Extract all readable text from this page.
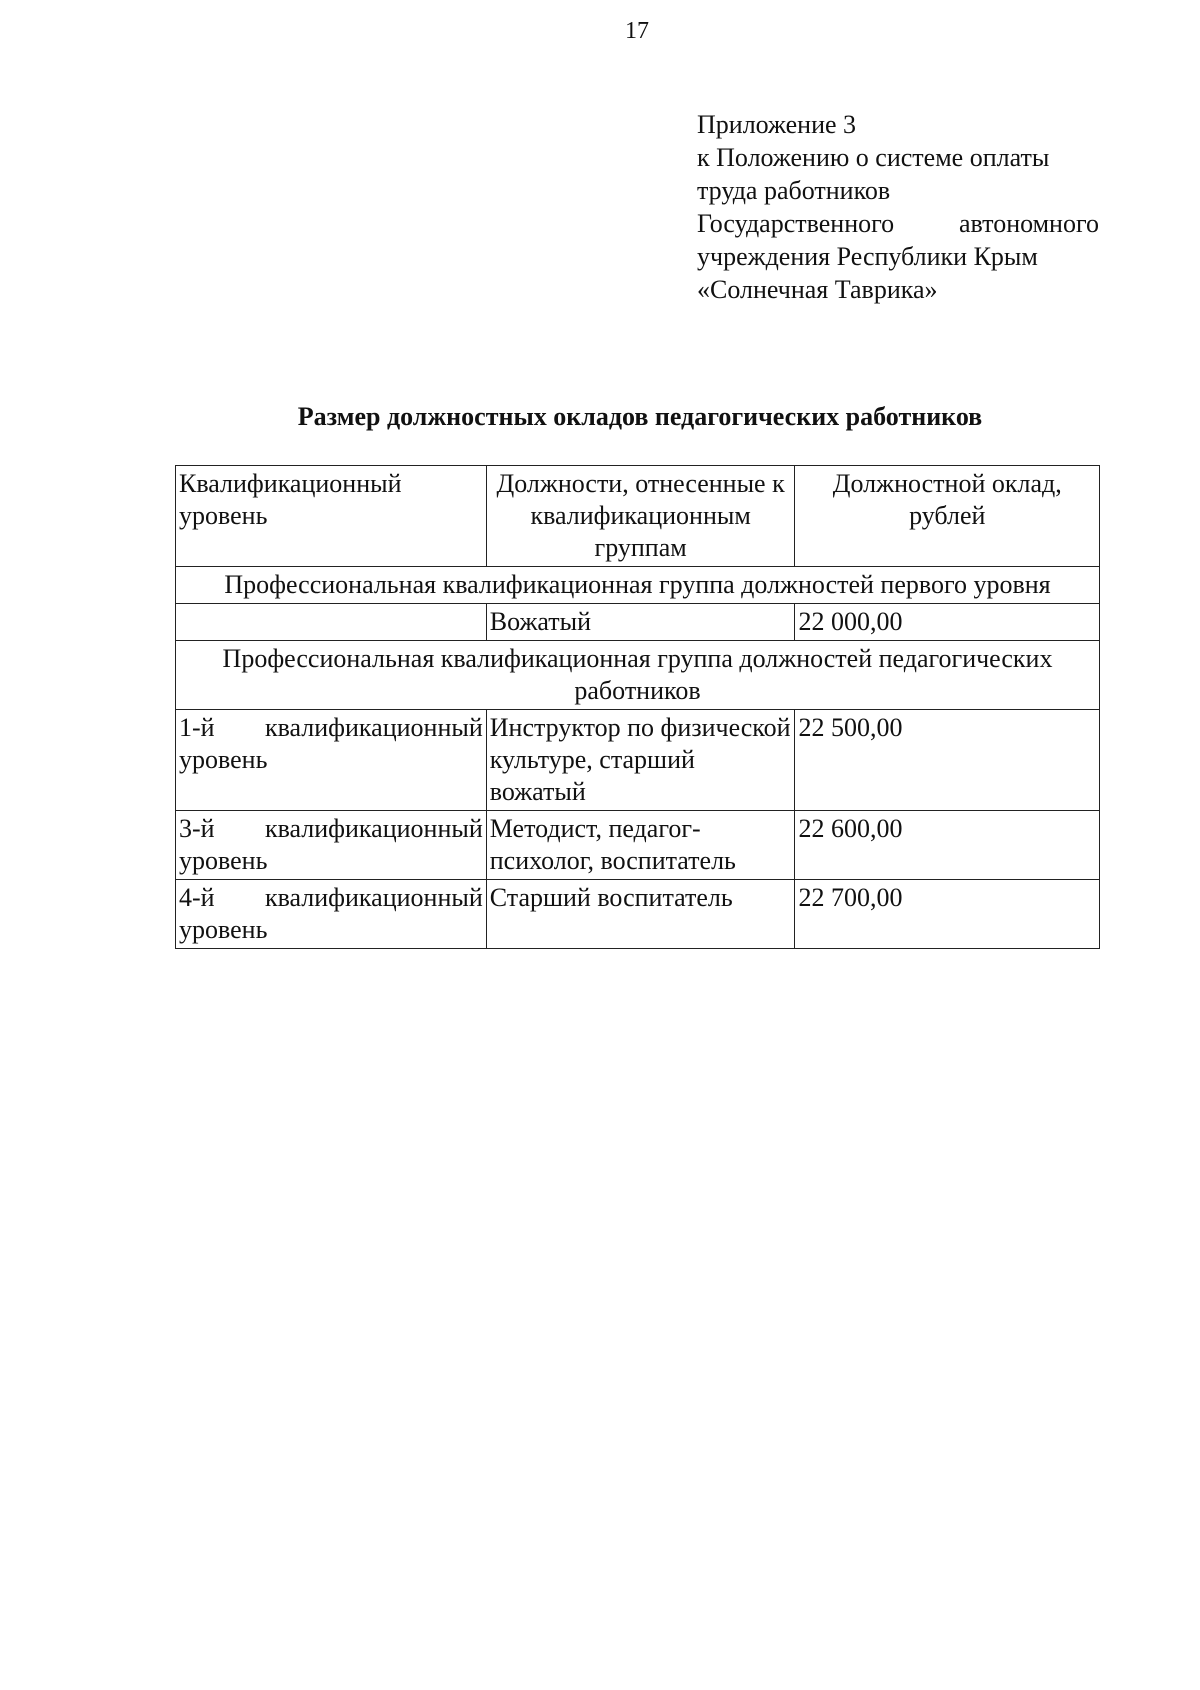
17
Приложение 3
к Положению о системе оплаты
труда работников
Государственного автономного
учреждения Республики Крым
«Солнечная Таврика»
Размер должностных окладов педагогических работников
Квалификационный уровень	Должности, отнесенные к квалификационным группам	Должностной оклад, рублей
Профессиональная квалификационная группа должностей первого уровня		
	Вожатый	22 000,00
Профессиональная квалификационная группа должностей педагогических работников		

1-й квалификационный
уровень	Инструктор по физической культуре, старший вожатый	22 500,00

3-й квалификационный
уровень	Методист, педагог-психолог, воспитатель	22 600,00

4-й квалификационный
уровень	Старший воспитатель	22 700,00
